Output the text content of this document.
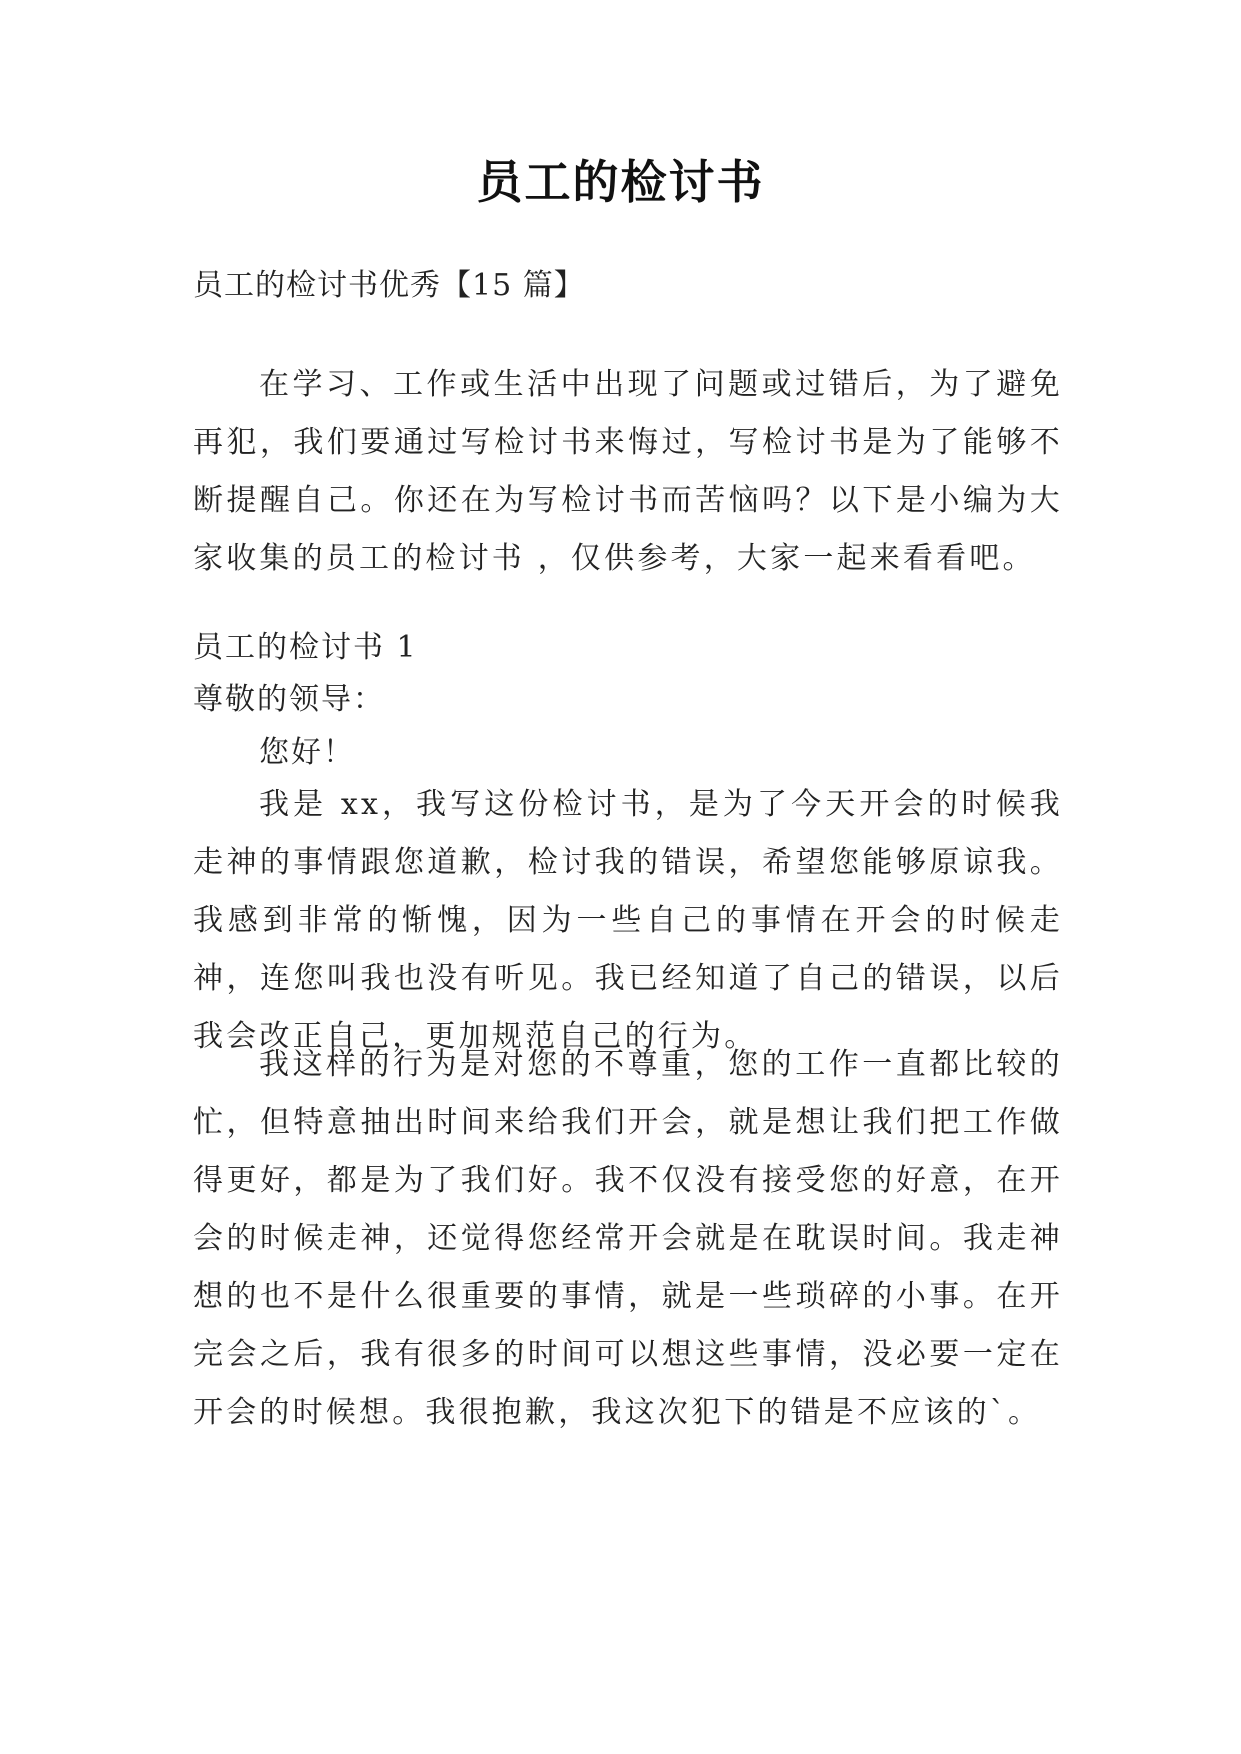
员工的检讨书
员工的检讨书优秀【15 篇】

在学习、工作或生活中出现了问题或过错后，为了避免再犯，我们要通过写检讨书来悔过，写检讨书是为了能够不断提醒自己。你还在为写检讨书而苦恼吗？以下是小编为大家收集的员工的检讨书 ，仅供参考，大家一起来看看吧。

员工的检讨书 1
尊敬的领导：
您好！

我是 xx，我写这份检讨书，是为了今天开会的时候我走神的事情跟您道歉，检讨我的错误，希望您能够原谅我。我感到非常的惭愧，因为一些自己的事情在开会的时候走神，连您叫我也没有听见。我已经知道了自己的错误，以后我会改正自己，更加规范自己的行为。

我这样的行为是对您的不尊重，您的工作一直都比较的忙，但特意抽出时间来给我们开会，就是想让我们把工作做得更好，都是为了我们好。我不仅没有接受您的好意，在开会的时候走神，还觉得您经常开会就是在耽误时间。我走神想的也不是什么很重要的事情，就是一些琐碎的小事。在开完会之后，我有很多的时间可以想这些事情，没必要一定在开会的时候想。我很抱歉，我这次犯下的错是不应该的`。
